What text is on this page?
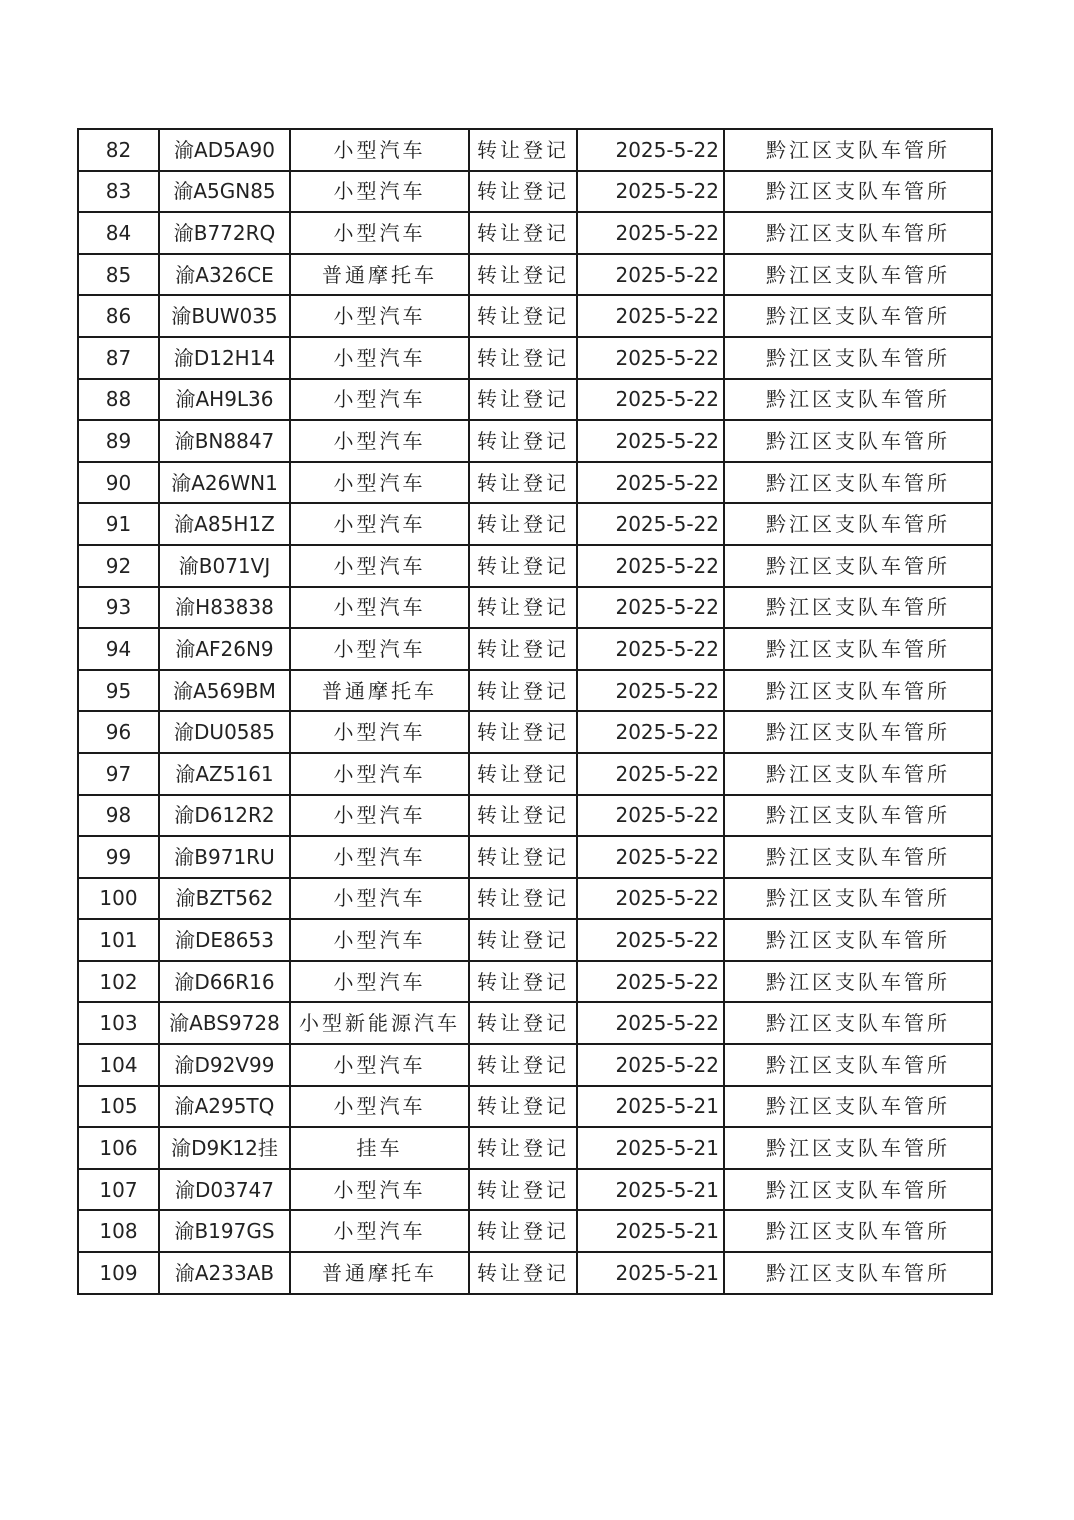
82	渝AD5A90	小型汽车	转让登记	2025-5-22	黔江区支队车管所
83	渝A5GN85	小型汽车	转让登记	2025-5-22	黔江区支队车管所
84	渝B772RQ	小型汽车	转让登记	2025-5-22	黔江区支队车管所
85	渝A326CE	普通摩托车	转让登记	2025-5-22	黔江区支队车管所
86	渝BUW035	小型汽车	转让登记	2025-5-22	黔江区支队车管所
87	渝D12H14	小型汽车	转让登记	2025-5-22	黔江区支队车管所
88	渝AH9L36	小型汽车	转让登记	2025-5-22	黔江区支队车管所
89	渝BN8847	小型汽车	转让登记	2025-5-22	黔江区支队车管所
90	渝A26WN1	小型汽车	转让登记	2025-5-22	黔江区支队车管所
91	渝A85H1Z	小型汽车	转让登记	2025-5-22	黔江区支队车管所
92	渝B071VJ	小型汽车	转让登记	2025-5-22	黔江区支队车管所
93	渝H83838	小型汽车	转让登记	2025-5-22	黔江区支队车管所
94	渝AF26N9	小型汽车	转让登记	2025-5-22	黔江区支队车管所
95	渝A569BM	普通摩托车	转让登记	2025-5-22	黔江区支队车管所
96	渝DU0585	小型汽车	转让登记	2025-5-22	黔江区支队车管所
97	渝AZ5161	小型汽车	转让登记	2025-5-22	黔江区支队车管所
98	渝D612R2	小型汽车	转让登记	2025-5-22	黔江区支队车管所
99	渝B971RU	小型汽车	转让登记	2025-5-22	黔江区支队车管所
100	渝BZT562	小型汽车	转让登记	2025-5-22	黔江区支队车管所
101	渝DE8653	小型汽车	转让登记	2025-5-22	黔江区支队车管所
102	渝D66R16	小型汽车	转让登记	2025-5-22	黔江区支队车管所
103	渝ABS9728	小型新能源汽车	转让登记	2025-5-22	黔江区支队车管所
104	渝D92V99	小型汽车	转让登记	2025-5-22	黔江区支队车管所
105	渝A295TQ	小型汽车	转让登记	2025-5-21	黔江区支队车管所
106	渝D9K12挂	挂车	转让登记	2025-5-21	黔江区支队车管所
107	渝D03747	小型汽车	转让登记	2025-5-21	黔江区支队车管所
108	渝B197GS	小型汽车	转让登记	2025-5-21	黔江区支队车管所
109	渝A233AB	普通摩托车	转让登记	2025-5-21	黔江区支队车管所
